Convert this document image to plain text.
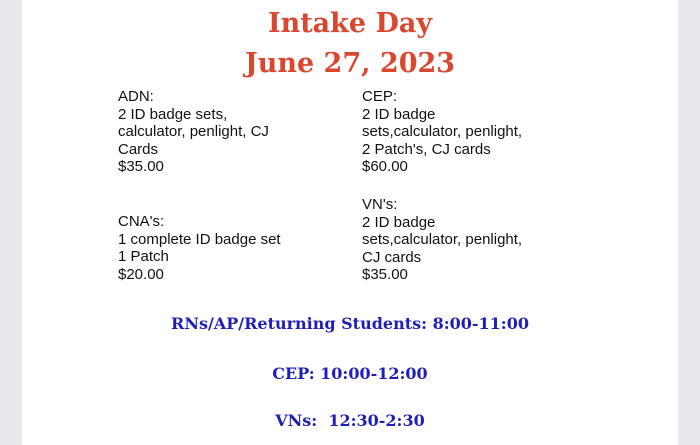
Intake Day
June 27, 2023
ADN:
2 ID badge sets,
calculator, penlight, CJ
Cards
$35.00
CEP:
2 ID badge
sets,calculator, penlight,
2 Patch's, CJ cards
$60.00
CNA's:
1 complete ID badge set
1 Patch
$20.00
VN's:
2 ID badge
sets,calculator, penlight,
CJ cards
$35.00

RNs/AP/Returning Students: 8:00-11:00

CEP: 10:00-12:00

VNs:  12:30-2:30
